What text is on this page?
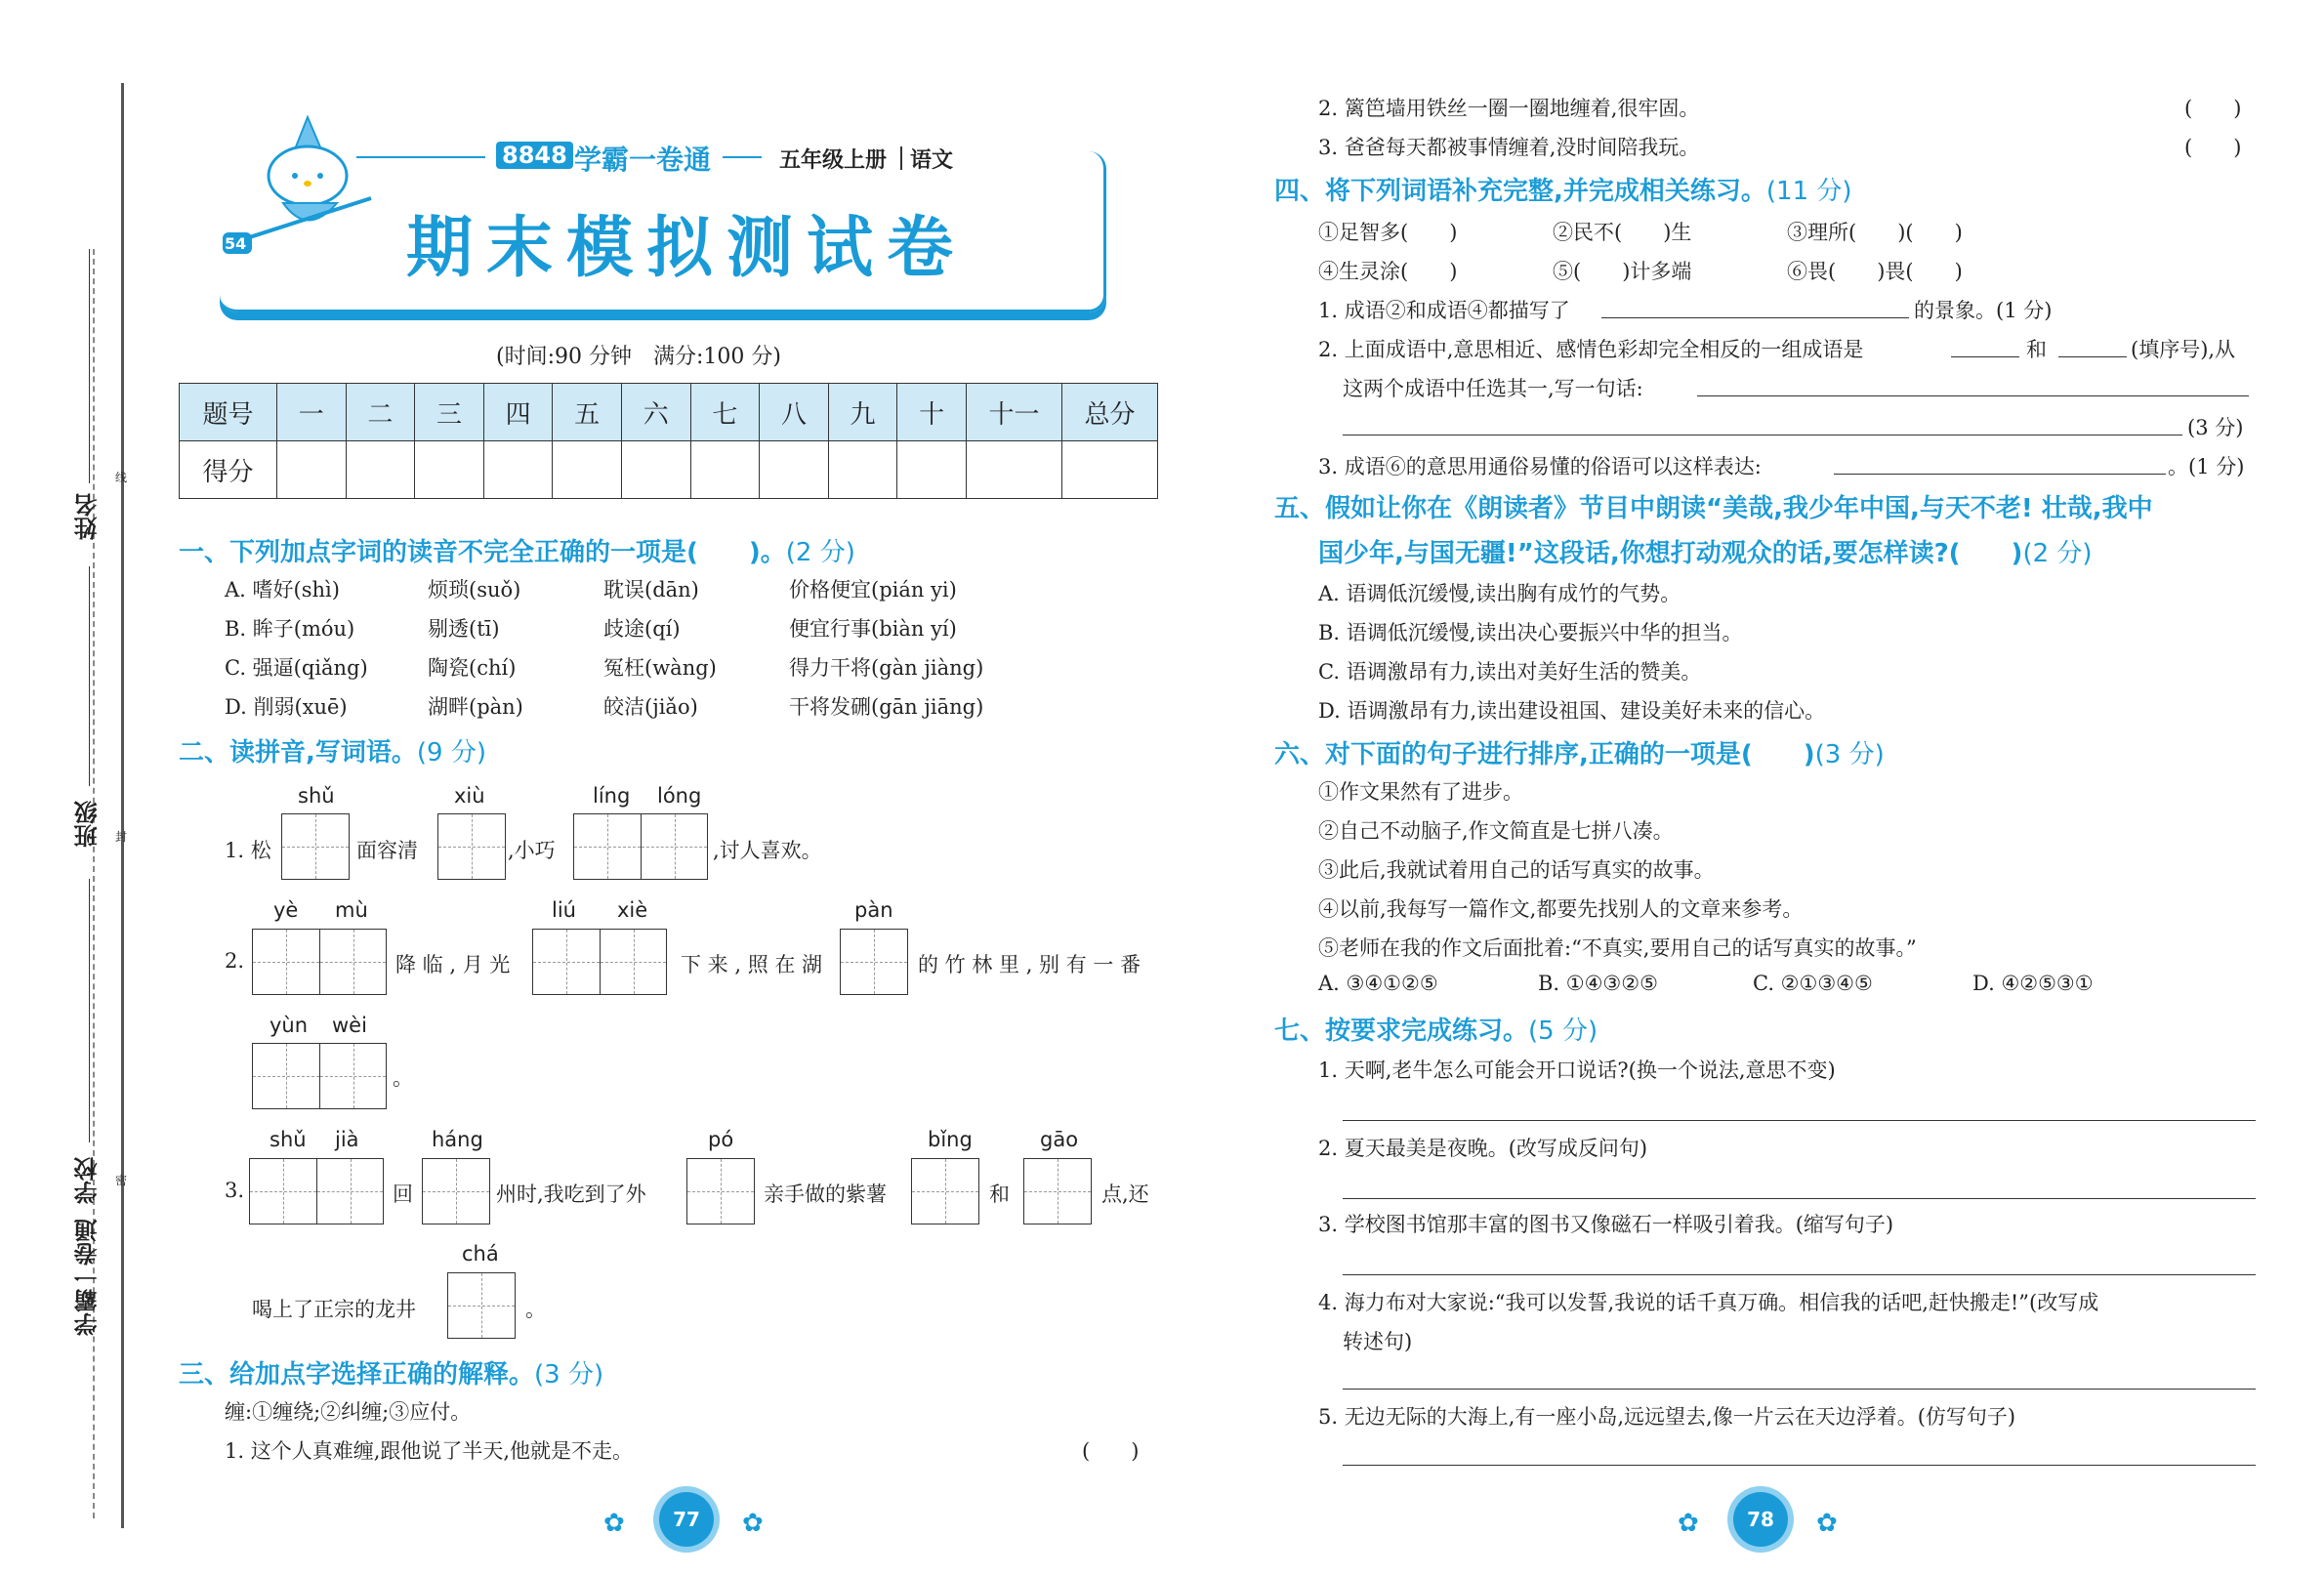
姓名
班级
学校
学霸一卷通
线
封
密
54
8848 学霸一卷通	五年级上册 语文
期末模拟测试卷
(时间:90 分钟　满分:100 分)
题号	一	二	三	四	五	六	七	八	九	十	十一	总分
得分												
一、下列加点字词的读音不完全正确的一项是(　　)。(2 分)
A. 嗜好(shì)	烦琐(suǒ)	耽误(dān)	价格便宜(pián yi)
B. 眸子(móu)	剔透(tī)	歧途(qí)	便宜行事(biàn yí)
C. 强逼(qiǎng)	陶瓷(chí)	冤枉(wàng)	得力干将(gàn jiàng)
D. 削弱(xuē)	湖畔(pàn)	皎洁(jiǎo)	干将发硎(gān jiāng)
二、读拼音,写词语。(9 分)
shǔ	xiù	líng lóng
1. 松	面容清	,小巧	,讨人喜欢。
yè mù	liú xiè	pàn
2.	降 临 , 月 光	下 来 , 照 在 湖	的 竹 林 里 , 别 有 一 番
yùn wèi
。
shǔ jià	háng	pó	bǐng	gāo
3.	回	州时,我吃到了外	亲手做的紫薯	和	点,还
chá
喝上了正宗的龙井	。
三、给加点字选择正确的解释。(3 分)
缠:①缠绕;②纠缠;③应付。
1. 这个人真难缠,跟他说了半天,他就是不走。	(　　)
77
✿	✿
2. 篱笆墙用铁丝一圈一圈地缠着,很牢固。	(　　)
3. 爸爸每天都被事情缠着,没时间陪我玩。	(　　)
四、将下列词语补充完整,并完成相关练习。(11 分)
①足智多(　　)	②民不(　　)生	③理所(　　)(　　)
④生灵涂(　　)	⑤(　　)计多端	⑥畏(　　)畏(　　)
1. 成语②和成语④都描写了	的景象。(1 分)
2. 上面成语中,意思相近、感情色彩却完全相反的一组成语是	和	(填序号),从
这两个成语中任选其一,写一句话:
(3 分)
3. 成语⑥的意思用通俗易懂的俗语可以这样表达:	。(1 分)
五、假如让你在《朗读者》节目中朗读“美哉,我少年中国,与天不老! 壮哉,我中
国少年,与国无疆!”这段话,你想打动观众的话,要怎样读?(　　)(2 分)
A. 语调低沉缓慢,读出胸有成竹的气势。
B. 语调低沉缓慢,读出决心要振兴中华的担当。
C. 语调激昂有力,读出对美好生活的赞美。
D. 语调激昂有力,读出建设祖国、建设美好未来的信心。
六、对下面的句子进行排序,正确的一项是(　　)(3 分)
①作文果然有了进步。
②自己不动脑子,作文简直是七拼八凑。
③此后,我就试着用自己的话写真实的故事。
④以前,我每写一篇作文,都要先找别人的文章来参考。
⑤老师在我的作文后面批着:“不真实,要用自己的话写真实的故事。”
A. ③④①②⑤	B. ①④③②⑤	C. ②①③④⑤	D. ④②⑤③①
七、按要求完成练习。(5 分)
1. 天啊,老牛怎么可能会开口说话?(换一个说法,意思不变)
2. 夏天最美是夜晚。(改写成反问句)
3. 学校图书馆那丰富的图书又像磁石一样吸引着我。(缩写句子)
4. 海力布对大家说:“我可以发誓,我说的话千真万确。相信我的话吧,赶快搬走!”(改写成
转述句)
5. 无边无际的大海上,有一座小岛,远远望去,像一片云在天边浮着。(仿写句子)
78
✿	✿
